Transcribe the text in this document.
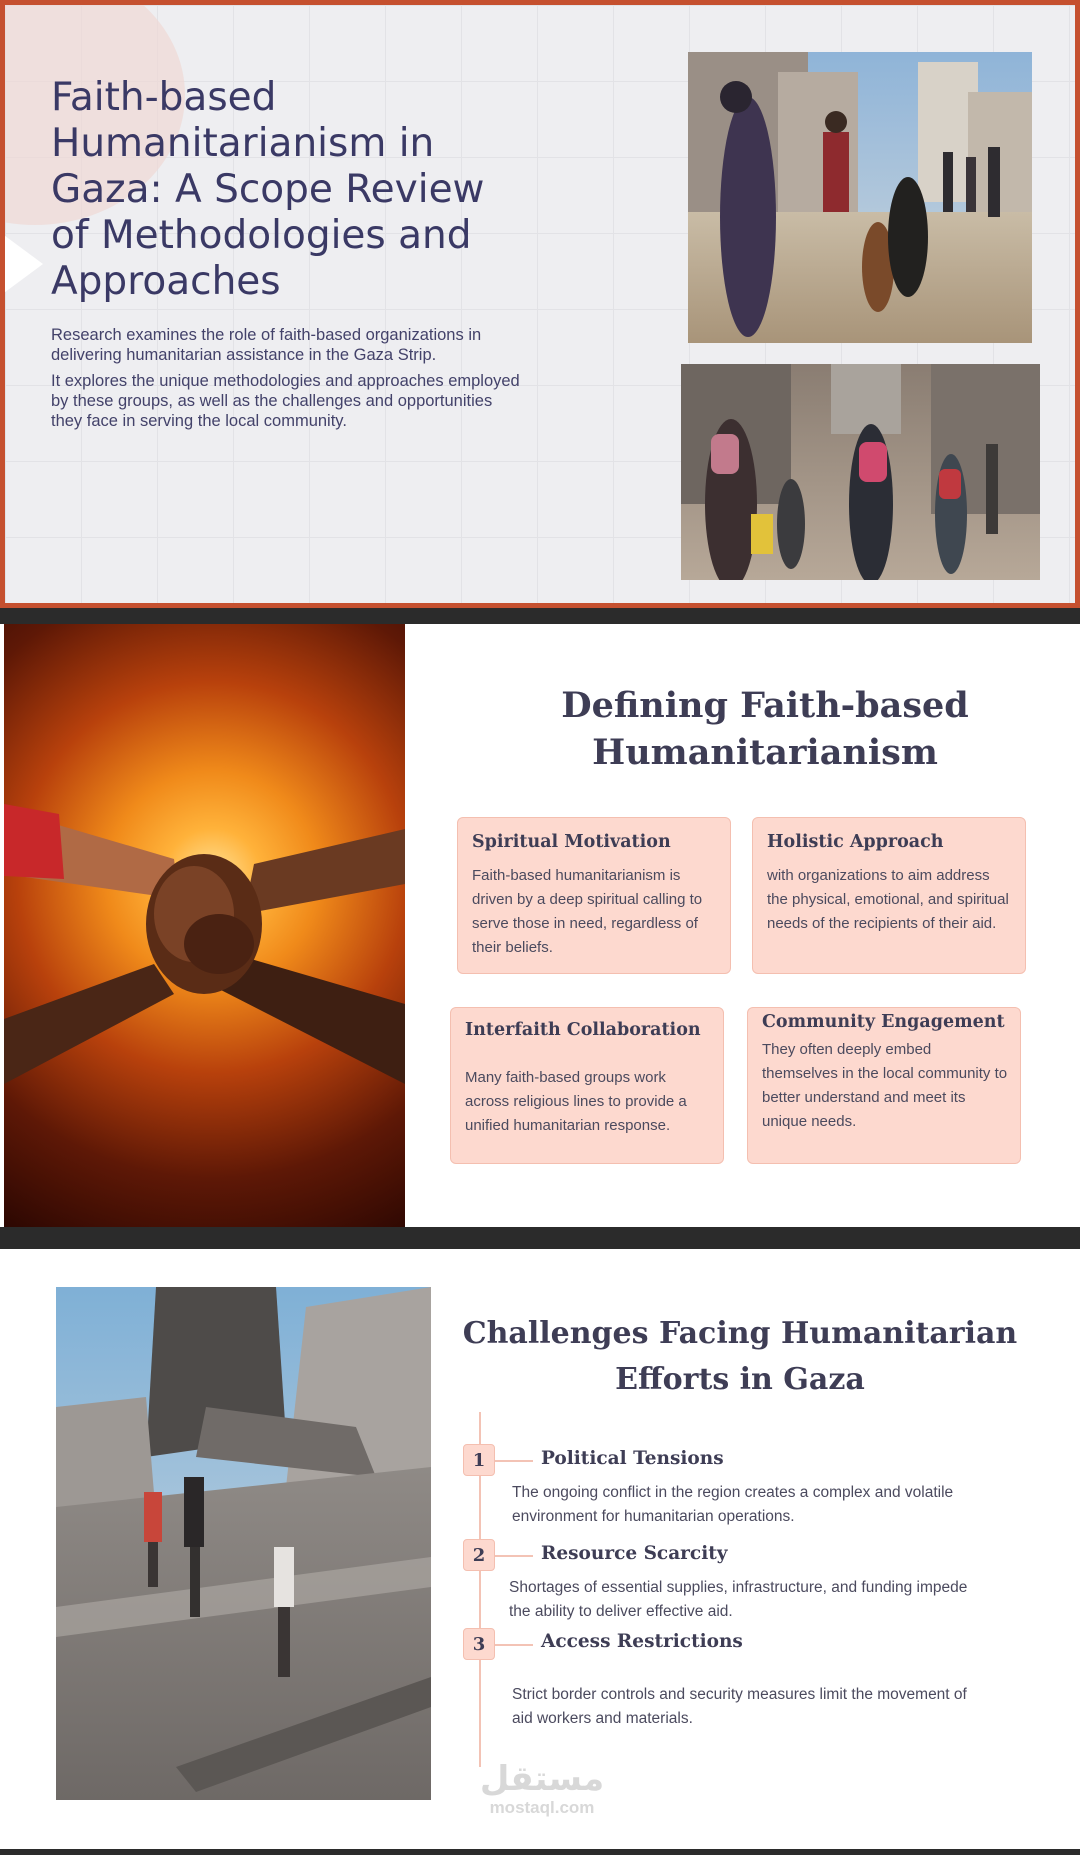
Faith-based Humanitarianism in Gaza: A Scope Review of Methodologies and Approaches

Research examines the role of faith-based organizations in delivering humanitarian assistance in the Gaza Strip.

It explores the unique methodologies and approaches employed by these groups, as well as the challenges and opportunities they face in serving the local community.

Defining Faith-based Humanitarianism
Spiritual Motivation

Faith-based humanitarianism is driven by a deep spiritual calling to serve those in need, regardless of their beliefs.

Holistic Approach

with organizations to aim address the physical, emotional, and spiritual needs of the recipients of their aid.

Interfaith Collaboration

Many faith-based groups work across religious lines to provide a unified humanitarian response.

Community Engagement

They often deeply embed themselves in the local community to better understand and meet its unique needs.

Challenges Facing Humanitarian Efforts in Gaza
1	Political Tensions

The ongoing conflict in the region creates a complex and volatile environment for humanitarian operations.

2	Resource Scarcity

Shortages of essential supplies, infrastructure, and funding impede the ability to deliver effective aid.

3	Access Restrictions

Strict border controls and security measures limit the movement of aid workers and materials.

مستقل
mostaql.com
